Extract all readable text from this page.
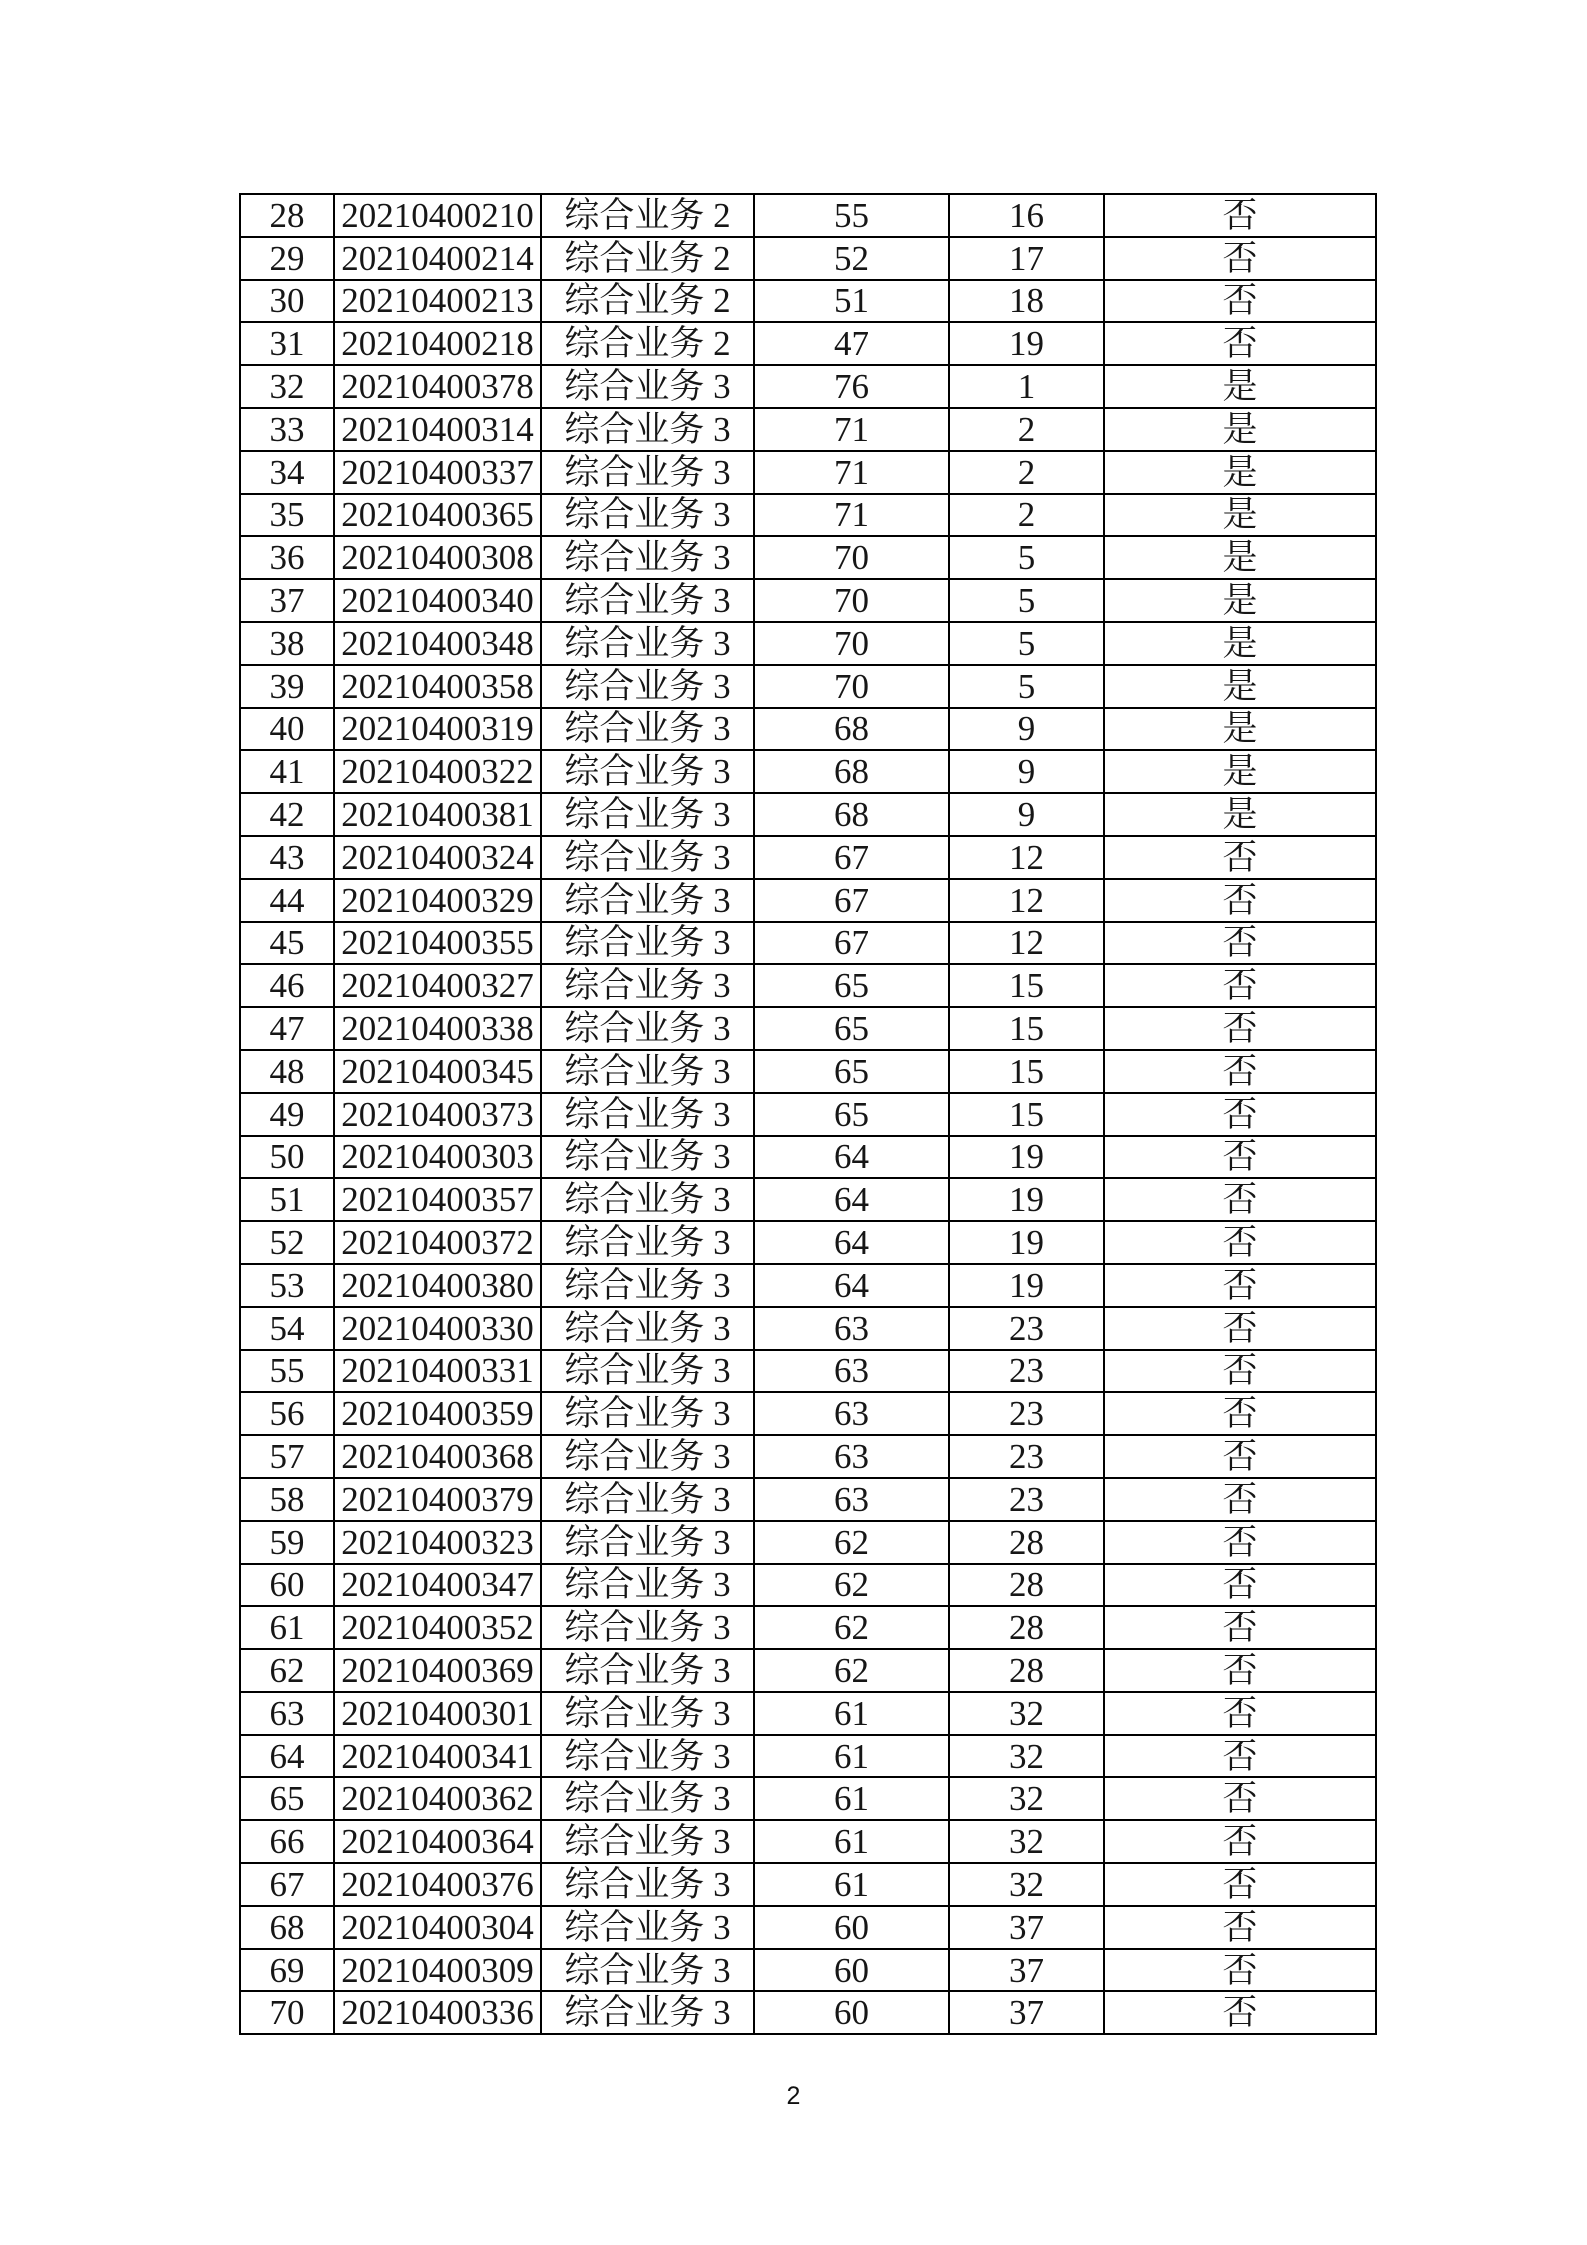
28	20210400210	综合业务 2	55	16	否
29	20210400214	综合业务 2	52	17	否
30	20210400213	综合业务 2	51	18	否
31	20210400218	综合业务 2	47	19	否
32	20210400378	综合业务 3	76	1	是
33	20210400314	综合业务 3	71	2	是
34	20210400337	综合业务 3	71	2	是
35	20210400365	综合业务 3	71	2	是
36	20210400308	综合业务 3	70	5	是
37	20210400340	综合业务 3	70	5	是
38	20210400348	综合业务 3	70	5	是
39	20210400358	综合业务 3	70	5	是
40	20210400319	综合业务 3	68	9	是
41	20210400322	综合业务 3	68	9	是
42	20210400381	综合业务 3	68	9	是
43	20210400324	综合业务 3	67	12	否
44	20210400329	综合业务 3	67	12	否
45	20210400355	综合业务 3	67	12	否
46	20210400327	综合业务 3	65	15	否
47	20210400338	综合业务 3	65	15	否
48	20210400345	综合业务 3	65	15	否
49	20210400373	综合业务 3	65	15	否
50	20210400303	综合业务 3	64	19	否
51	20210400357	综合业务 3	64	19	否
52	20210400372	综合业务 3	64	19	否
53	20210400380	综合业务 3	64	19	否
54	20210400330	综合业务 3	63	23	否
55	20210400331	综合业务 3	63	23	否
56	20210400359	综合业务 3	63	23	否
57	20210400368	综合业务 3	63	23	否
58	20210400379	综合业务 3	63	23	否
59	20210400323	综合业务 3	62	28	否
60	20210400347	综合业务 3	62	28	否
61	20210400352	综合业务 3	62	28	否
62	20210400369	综合业务 3	62	28	否
63	20210400301	综合业务 3	61	32	否
64	20210400341	综合业务 3	61	32	否
65	20210400362	综合业务 3	61	32	否
66	20210400364	综合业务 3	61	32	否
67	20210400376	综合业务 3	61	32	否
68	20210400304	综合业务 3	60	37	否
69	20210400309	综合业务 3	60	37	否
70	20210400336	综合业务 3	60	37	否
2
